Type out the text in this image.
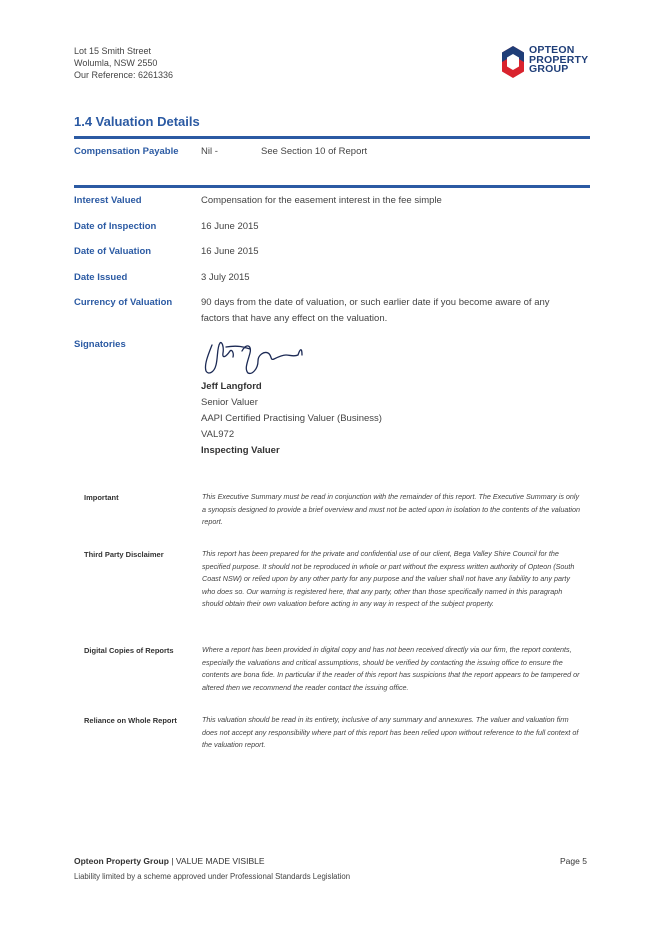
Lot 15 Smith Street
Wolumla, NSW 2550
Our Reference: 6261336
OPTEON
PROPERTY
GROUP
1.4 Valuation Details
Compensation Payable Nil -	See Section 10 of Report
Interest Valued	Compensation for the easement interest in the fee simple
Date of Inspection	16 June 2015
Date of Valuation	16 June 2015
Date Issued	3 July 2015
Currency of Valuation	90 days from the date of valuation, or such earlier date if you become aware of any
factors that have any effect on the valuation.
Signatories
Jeff Langford
Senior Valuer
AAPI Certified Practising Valuer (Business)
VAL972
Inspecting Valuer
Important	This Executive Summary must be read in conjunction with the remainder of this report. The Executive Summary is only a synopsis designed to provide a brief overview and must not be acted upon in isolation to the contents of the valuation report.
Third Party Disclaimer	This report has been prepared for the private and confidential use of our client, Bega Valley Shire Council for the specified purpose. It should not be reproduced in whole or part without the express written authority of Opteon (South Coast NSW) or relied upon by any other party for any purpose and the valuer shall not have any liability to any party who does so. Our warning is registered here, that any party, other than those specifically named in this paragraph should obtain their own valuation before acting in any way in respect of the subject property.
Digital Copies of Reports	Where a report has been provided in digital copy and has not been received directly via our firm, the report contents, especially the valuations and critical assumptions, should be verified by contacting the issuing office to ensure the contents are bona fide. In particular if the reader of this report has suspicions that the report appears to be tampered or altered then we recommend the reader contact the issuing office.
Reliance on Whole Report	This valuation should be read in its entirety, inclusive of any summary and annexures. The valuer and valuation firm does not accept any responsibility where part of this report has been relied upon without reference to the full context of the valuation report.
Opteon Property Group | VALUE MADE VISIBLE	Page 5
Liability limited by a scheme approved under Professional Standards Legislation
